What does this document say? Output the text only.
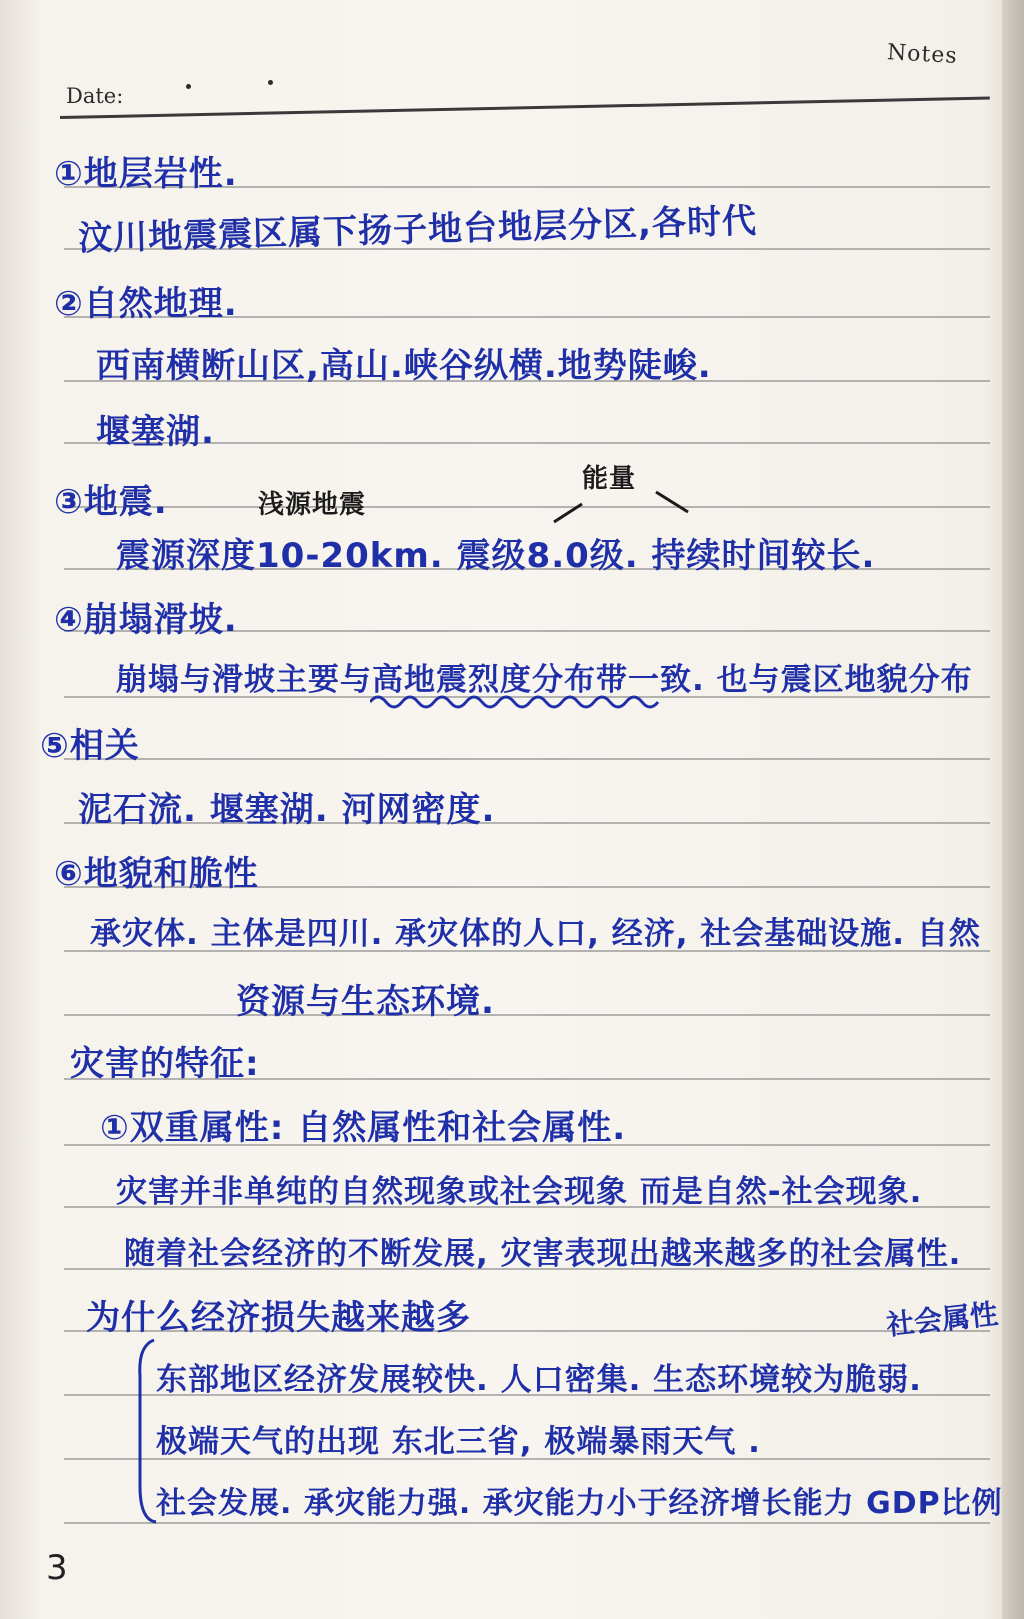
Notes
Date:
①地层岩性.
汶川地震震区属下扬子地台地层分区,各时代
②自然地理.
西南横断山区,高山.峡谷纵横.地势陡峻.
堰塞湖.
③地震.	浅源地震
能量
震源深度10-20km. 震级8.0级. 持续时间较长.
④崩塌滑坡.
崩塌与滑坡主要与高地震烈度分布带一致. 也与震区地貌分布
⑤相关
泥石流. 堰塞湖. 河网密度.
⑥地貌和脆性
承灾体. 主体是四川. 承灾体的人口, 经济, 社会基础设施. 自然
资源与生态环境.
灾害的特征:
①双重属性: 自然属性和社会属性.
灾害并非单纯的自然现象或社会现象 而是自然-社会现象.
随着社会经济的不断发展, 灾害表现出越来越多的社会属性.
为什么经济损失越来越多
东部地区经济发展较快. 人口密集. 生态环境较为脆弱.
极端天气的出现 东北三省, 极端暴雨天气 .
社会发展. 承灾能力强. 承灾能力小于经济增长能力 GDP比例
社会属性
3
